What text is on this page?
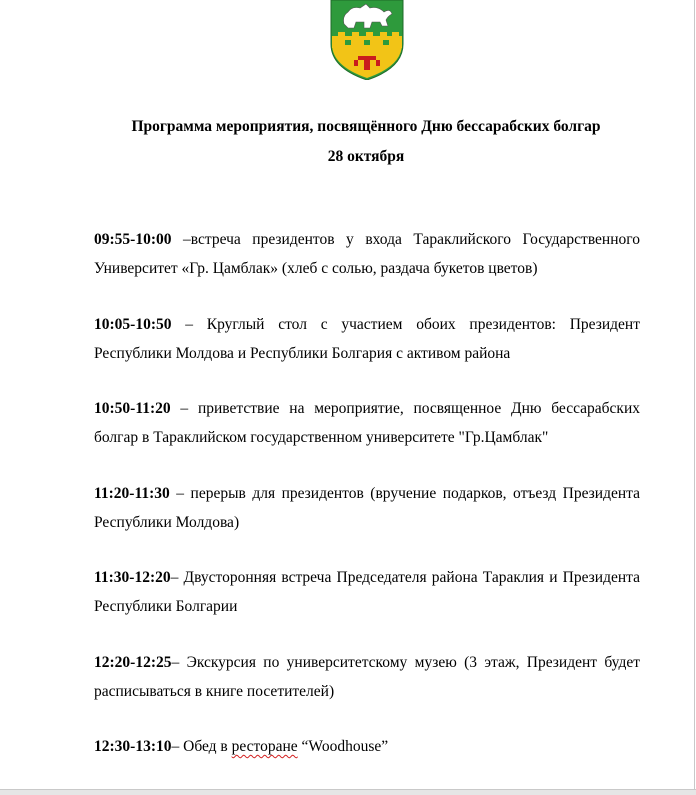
Программа мероприятия, посвящённого Дню бессарабских болгар
28 октября
09:55-10:00 –встреча президентов у входа Тараклийского Государственного Университет «Гр. Цамблак» (хлеб с солью, раздача букетов цветов)
10:05-10:50 – Круглый стол с участием обоих президентов: Президент Республики Молдова и Республики Болгария с активом района
10:50-11:20 – приветствие на мероприятие, посвященное Дню бессарабских болгар в Тараклийском государственном университете "Гр.Цамблак"
11:20-11:30 – перерыв для президентов (вручение подарков, отъезд Президента Республики Молдова)
11:30-12:20– Двусторонняя встреча Председателя района Тараклия и Президента Республики Болгарии
12:20-12:25– Экскурсия по университетскому музею (3 этаж, Президент будет расписываться в книге посетителей)
12:30-13:10– Обед в ресторане “Woodhouse”
